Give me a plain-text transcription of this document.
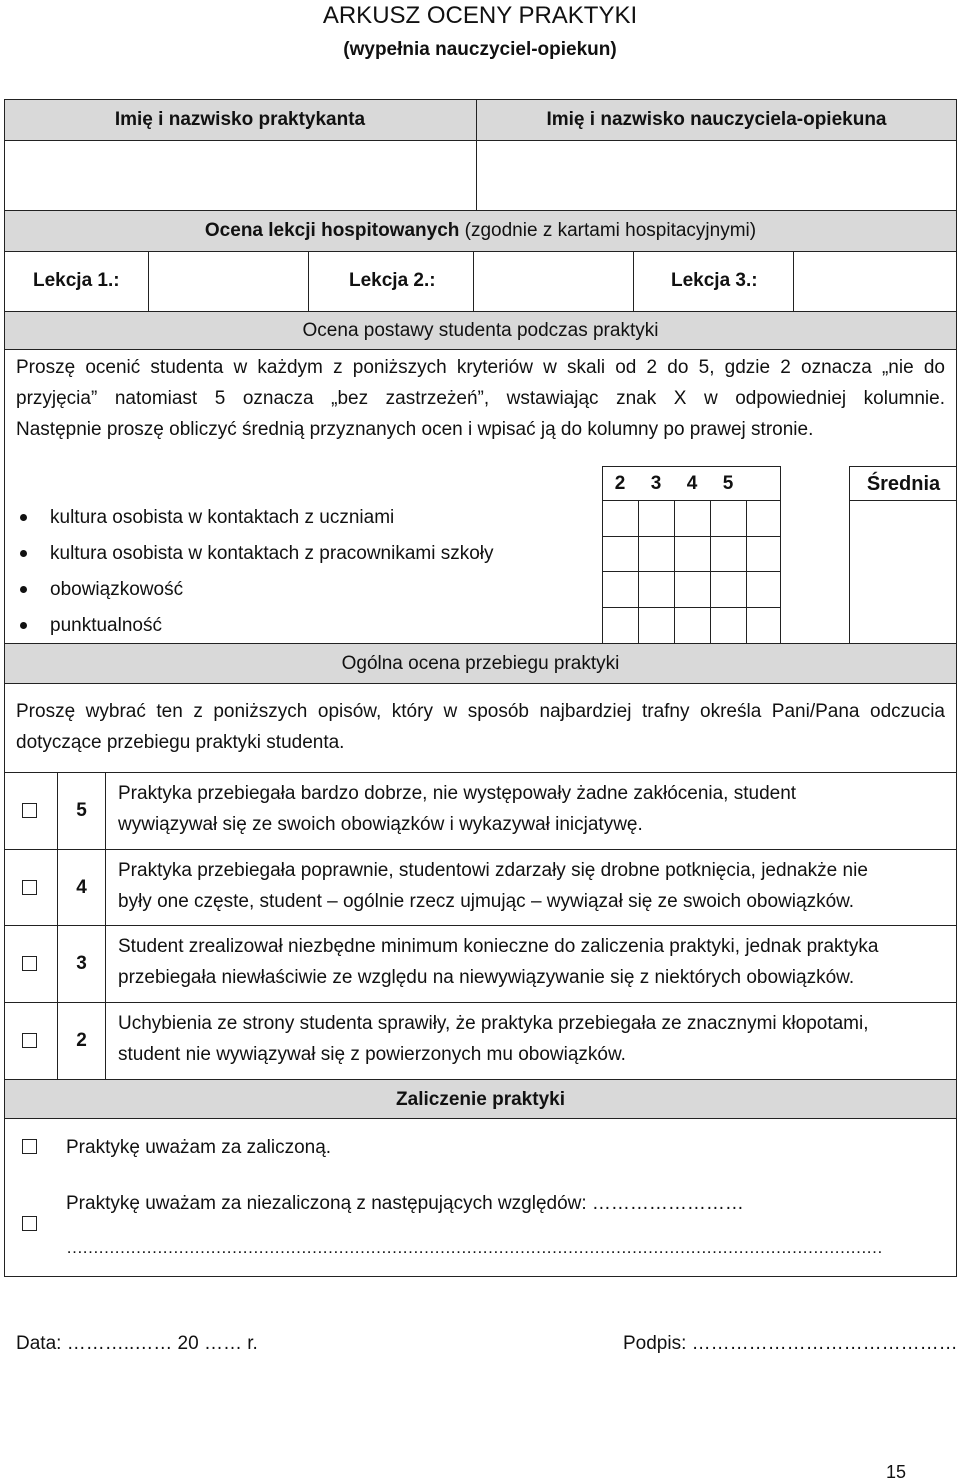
ARKUSZ OCENY PRAKTYKI
(wypełnia nauczyciel-opiekun)
Imię i nazwisko praktykanta	Imię i nazwisko nauczyciela-opiekuna
Ocena lekcji hospitowanych (zgodnie z kartami hospitacyjnymi)
Lekcja 1.:	Lekcja 2.:	Lekcja 3.:
Ocena postawy studenta podczas praktyki
Proszę ocenić studenta w każdym z poniższych kryteriów w skali od 2 do 5, gdzie 2 oznacza „nie do
przyjęcia” natomiast 5 oznacza „bez zastrzeżeń”, wstawiając znak X w odpowiedniej kolumnie.
Następnie proszę obliczyć średnią przyznanych ocen i wpisać ją do kolumny po prawej stronie.
2	3	4	5	Średnia
kultura osobista w kontaktach z uczniami
kultura osobista w kontaktach z pracownikami szkoły
obowiązkowość
punktualność
Ogólna ocena przebiegu praktyki
Proszę wybrać ten z poniższych opisów, który w sposób najbardziej trafny określa Pani/Pana odczucia
dotyczące przebiegu praktyki studenta.
5
Praktyka przebiegała bardzo dobrze, nie występowały żadne zakłócenia, student
wywiązywał się ze swoich obowiązków i wykazywał inicjatywę.
4
Praktyka przebiegała poprawnie, studentowi zdarzały się drobne potknięcia, jednakże nie
były one częste, student – ogólnie rzecz ujmując – wywiązał się ze swoich obowiązków.
3
Student zrealizował niezbędne minimum konieczne do zaliczenia praktyki, jednak praktyka
przebiegała niewłaściwie ze względu na niewywiązywanie się z niektórych obowiązków.
2
Uchybienia ze strony studenta sprawiły, że praktyka przebiegała ze znacznymi kłopotami,
student nie wywiązywał się z powierzonych mu obowiązków.
Zaliczenie praktyki
Praktykę uważam za zaliczoną.
Praktykę uważam za niezaliczoną z następujących względów: ……………………
………………………………………………………………………………………………………………………………………
Data: ………..…… 20 …… r.	Podpis: ……………………………………
15
